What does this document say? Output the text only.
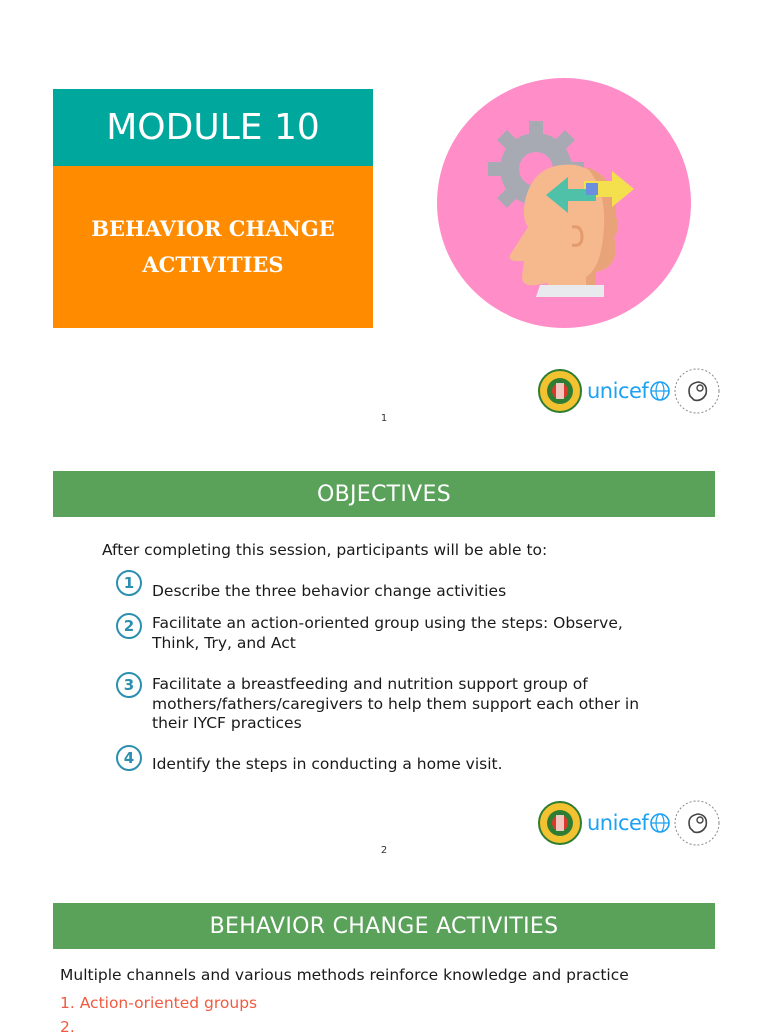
MODULE 10
BEHAVIOR CHANGE ACTIVITIES
unicef
1
OBJECTIVES
After completing this session, participants will be able to:
1	Describe the three behavior change activities
2	Facilitate an action-oriented group using the steps: Observe, Think, Try, and Act
3	Facilitate a breastfeeding and nutrition support group of mothers/fathers/caregivers to help them support each other in their IYCF practices
4	Identify the steps in conducting a home visit.
unicef
2
BEHAVIOR CHANGE ACTIVITIES
Multiple channels and various methods reinforce knowledge and practice
1. Action-oriented groups
2.
